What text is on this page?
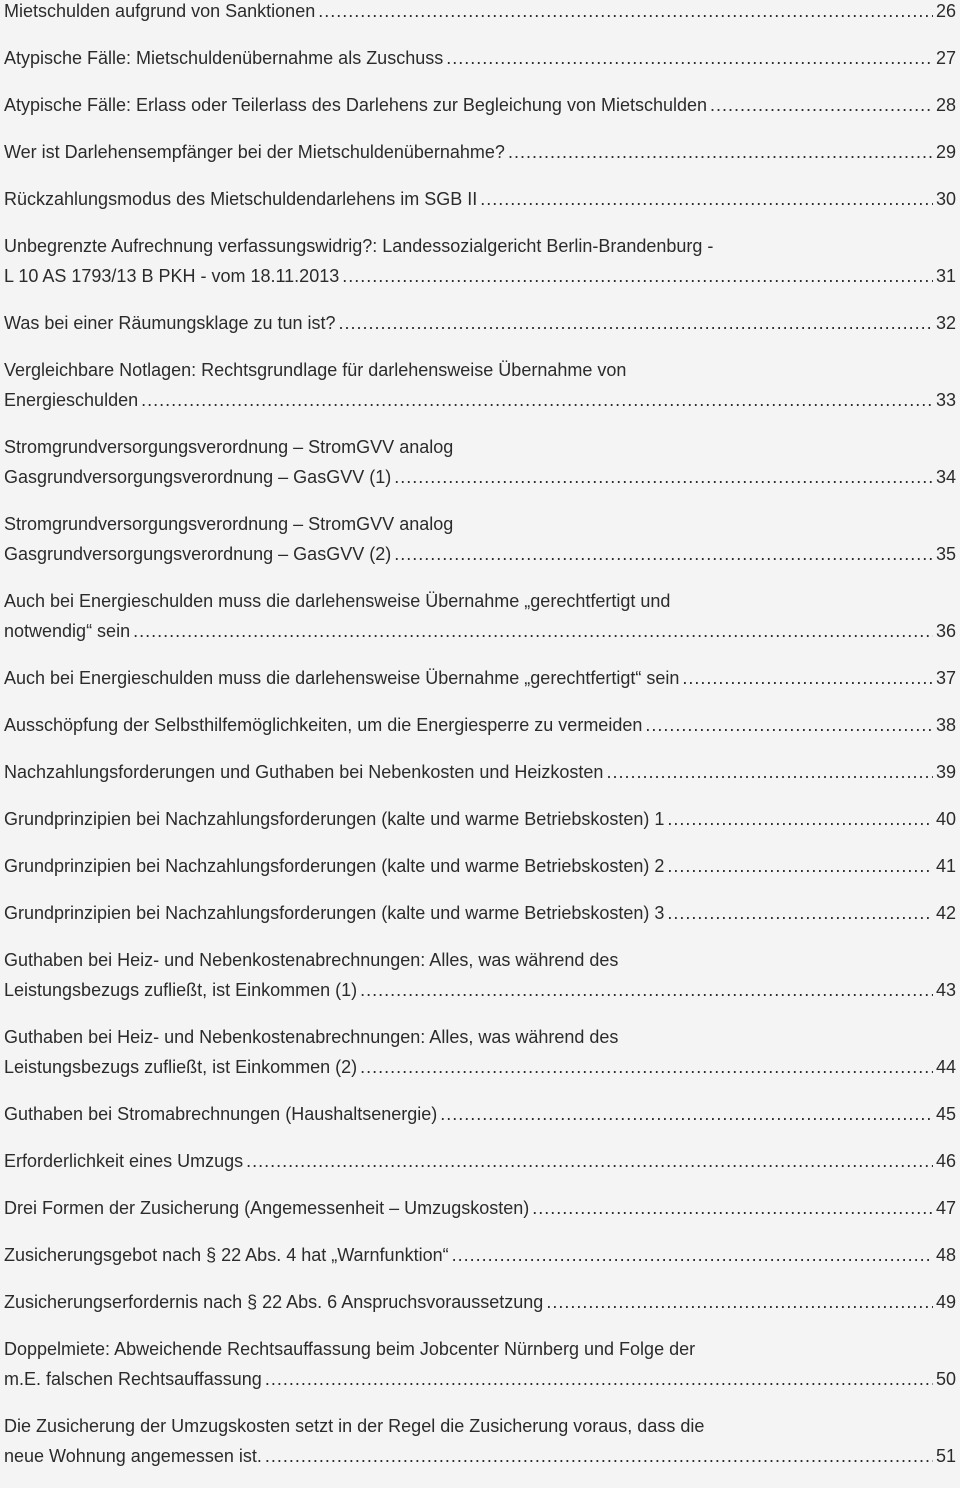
Mietschulden aufgrund von Sanktionen .....	26
Atypische Fälle: Mietschuldenübernahme als Zuschuss .....	27
Atypische Fälle: Erlass oder Teilerlass des Darlehens zur Begleichung von Mietschulden .....	28
Wer ist Darlehensempfänger bei der Mietschuldenübernahme? .....	29
Rückzahlungsmodus des Mietschuldendarlehens im SGB II .....	30
Unbegrenzte Aufrechnung verfassungswidrig?: Landessozialgericht Berlin-Brandenburg -
L 10 AS 1793/13 B PKH - vom 18.11.2013 .....	31
Was bei einer Räumungsklage zu tun ist? .....	32
Vergleichbare Notlagen: Rechtsgrundlage für darlehensweise Übernahme von
Energieschulden .....	33
Stromgrundversorgungsverordnung – StromGVV analog
Gasgrundversorgungsverordnung – GasGVV (1) .....	34
Stromgrundversorgungsverordnung – StromGVV analog
Gasgrundversorgungsverordnung – GasGVV (2) .....	35
Auch bei Energieschulden muss die darlehensweise Übernahme „gerechtfertigt und
notwendig“ sein .....	36
Auch bei Energieschulden muss die darlehensweise Übernahme „gerechtfertigt“ sein .....	37
Ausschöpfung der Selbsthilfemöglichkeiten, um die Energiesperre zu vermeiden .....	38
Nachzahlungsforderungen und Guthaben bei Nebenkosten und Heizkosten .....	39
Grundprinzipien bei Nachzahlungsforderungen (kalte und warme Betriebskosten) 1 .....	40
Grundprinzipien bei Nachzahlungsforderungen (kalte und warme Betriebskosten) 2 .....	41
Grundprinzipien bei Nachzahlungsforderungen (kalte und warme Betriebskosten) 3 .....	42
Guthaben bei Heiz- und Nebenkostenabrechnungen: Alles, was während des
Leistungsbezugs zufließt, ist Einkommen (1) .....	43
Guthaben bei Heiz- und Nebenkostenabrechnungen: Alles, was während des
Leistungsbezugs zufließt, ist Einkommen (2) .....	44
Guthaben bei Stromabrechnungen (Haushaltsenergie) .....	45
Erforderlichkeit eines Umzugs .....	46
Drei Formen der Zusicherung (Angemessenheit – Umzugskosten) .....	47
Zusicherungsgebot nach § 22 Abs. 4 hat „Warnfunktion“ .....	48
Zusicherungserfordernis nach § 22 Abs. 6 Anspruchsvoraussetzung .....	49
Doppelmiete: Abweichende Rechtsauffassung beim Jobcenter Nürnberg und Folge der
m.E. falschen Rechtsauffassung .....	50
Die Zusicherung der Umzugskosten setzt in der Regel die Zusicherung voraus, dass die
neue Wohnung angemessen ist. .....	51
